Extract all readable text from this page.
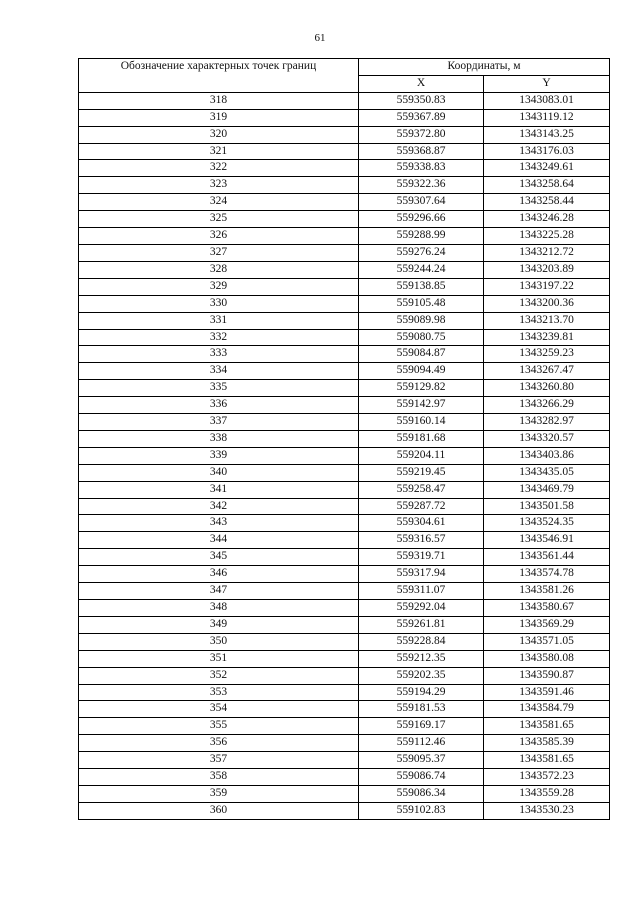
61
Обозначение характерных точек границ	Координаты, м	
	X	Y
318	559350.83	1343083.01
319	559367.89	1343119.12
320	559372.80	1343143.25
321	559368.87	1343176.03
322	559338.83	1343249.61
323	559322.36	1343258.64
324	559307.64	1343258.44
325	559296.66	1343246.28
326	559288.99	1343225.28
327	559276.24	1343212.72
328	559244.24	1343203.89
329	559138.85	1343197.22
330	559105.48	1343200.36
331	559089.98	1343213.70
332	559080.75	1343239.81
333	559084.87	1343259.23
334	559094.49	1343267.47
335	559129.82	1343260.80
336	559142.97	1343266.29
337	559160.14	1343282.97
338	559181.68	1343320.57
339	559204.11	1343403.86
340	559219.45	1343435.05
341	559258.47	1343469.79
342	559287.72	1343501.58
343	559304.61	1343524.35
344	559316.57	1343546.91
345	559319.71	1343561.44
346	559317.94	1343574.78
347	559311.07	1343581.26
348	559292.04	1343580.67
349	559261.81	1343569.29
350	559228.84	1343571.05
351	559212.35	1343580.08
352	559202.35	1343590.87
353	559194.29	1343591.46
354	559181.53	1343584.79
355	559169.17	1343581.65
356	559112.46	1343585.39
357	559095.37	1343581.65
358	559086.74	1343572.23
359	559086.34	1343559.28
360	559102.83	1343530.23
